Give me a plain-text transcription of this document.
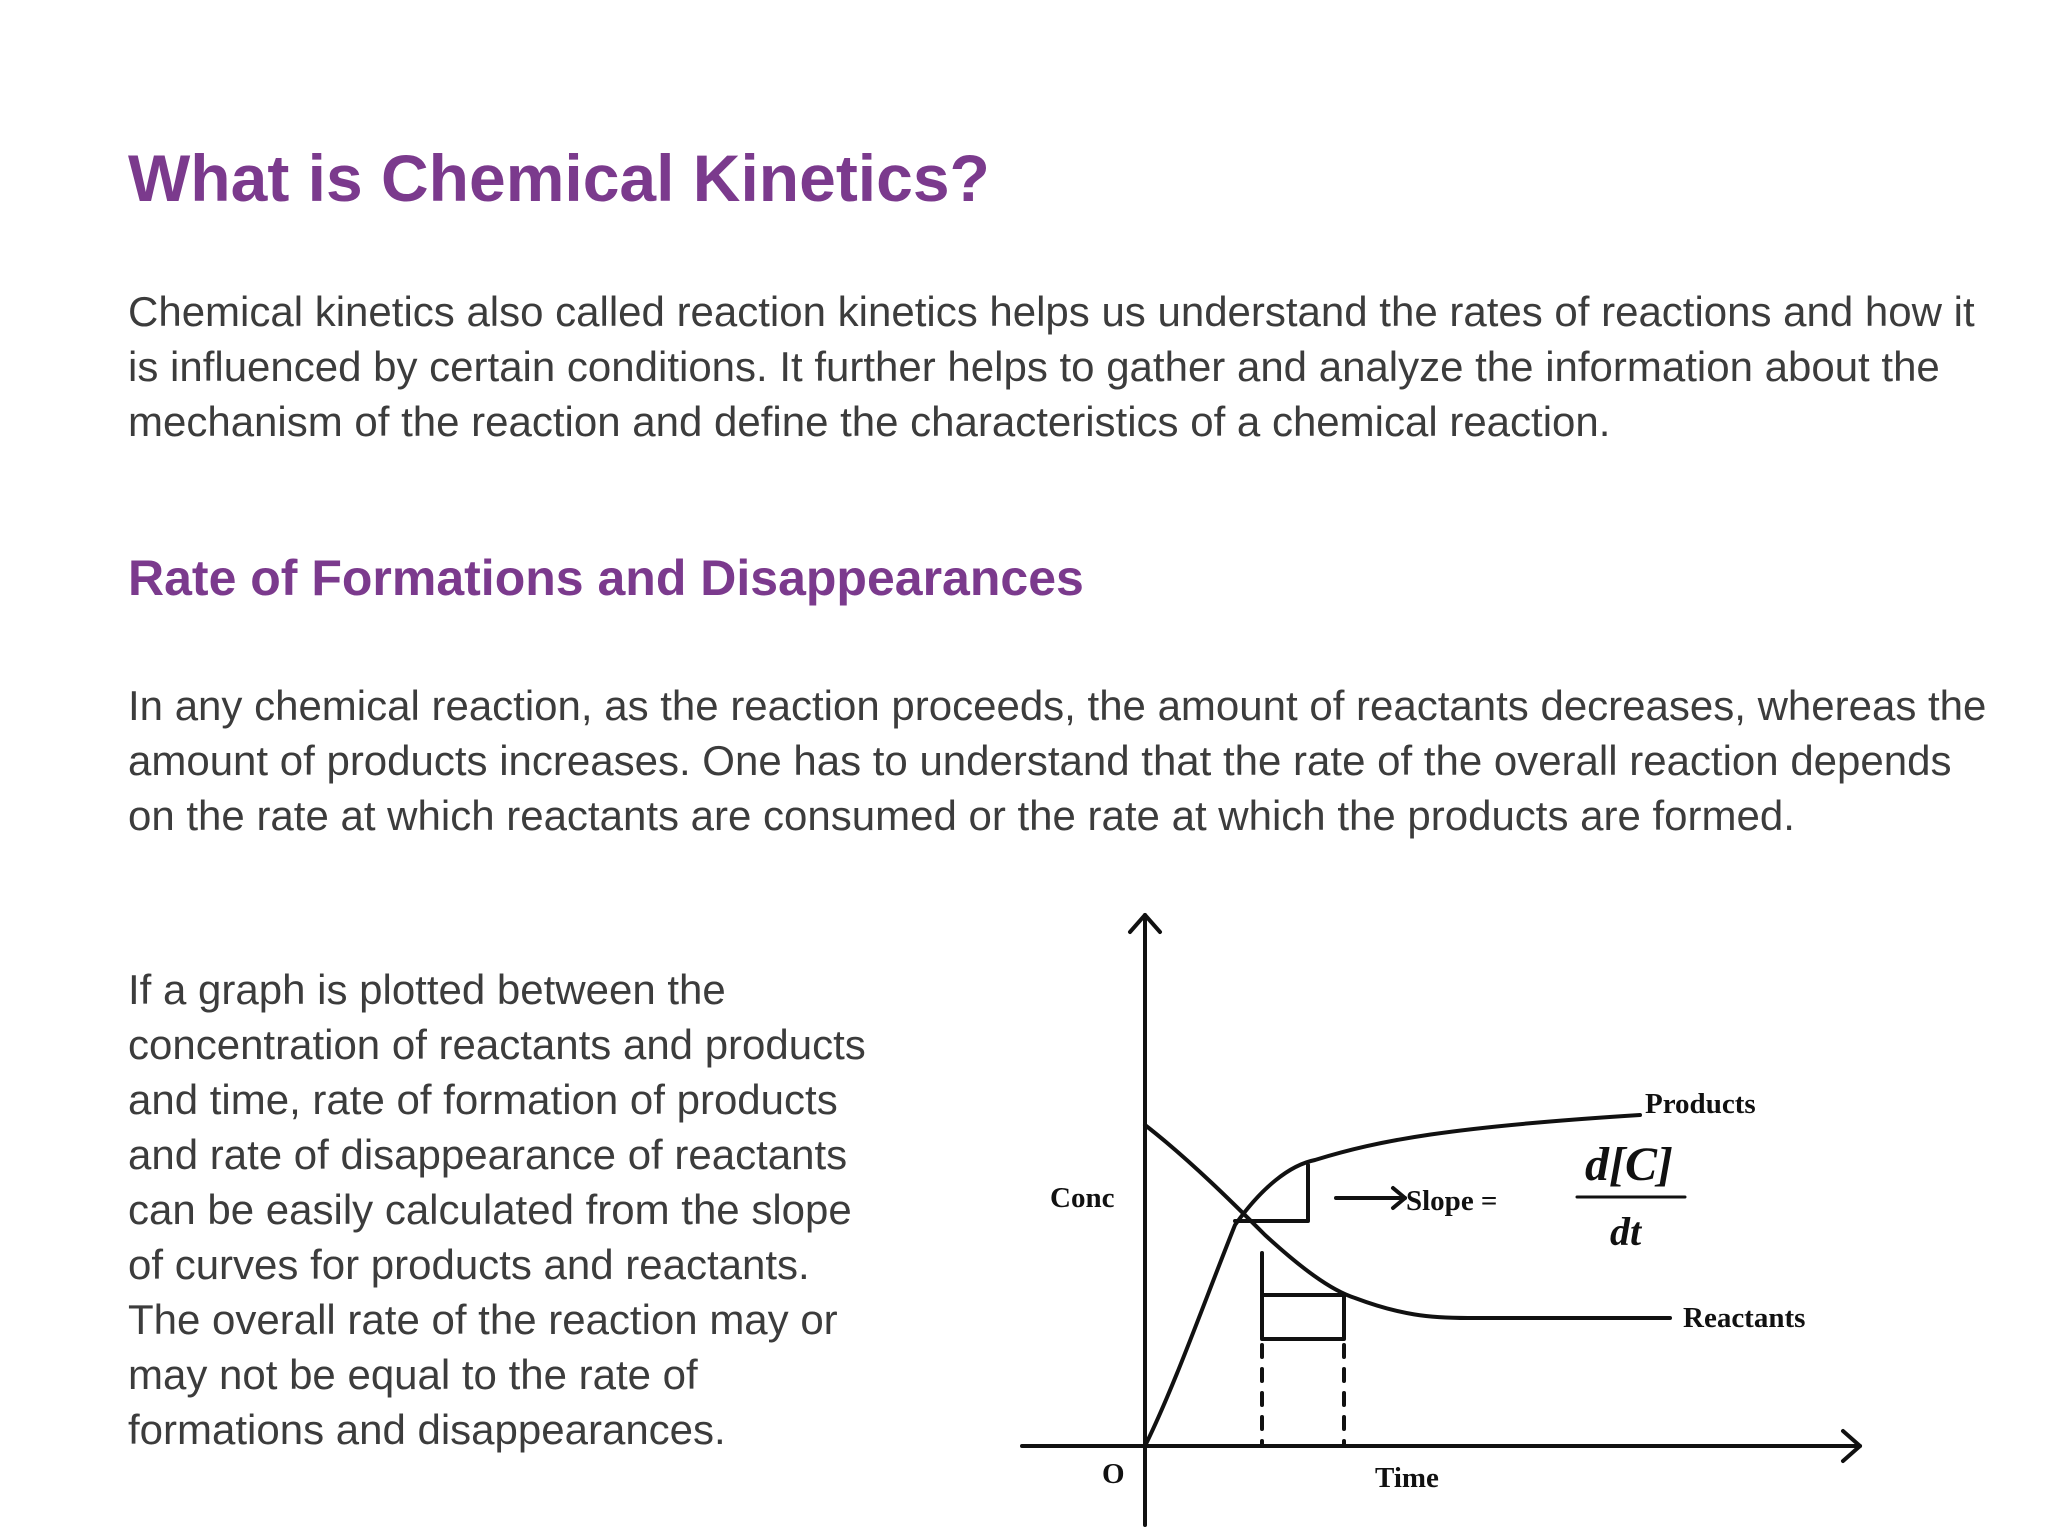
What is Chemical Kinetics?

Chemical kinetics also called reaction kinetics helps us understand the rates of reactions and how it is influenced by certain conditions. It further helps to gather and analyze the information about the mechanism of the reaction and define the characteristics of a chemical reaction.

Rate of Formations and Disappearances

In any chemical reaction, as the reaction proceeds, the amount of reactants decreases, whereas the amount of products increases. One has to understand that the rate of the overall reaction depends on the rate at which reactants are consumed or the rate at which the products are formed.

If a graph is plotted between the concentration of reactants and products and time, rate of formation of products and rate of disappearance of reactants can be easily calculated from the slope of curves for products and reactants. The overall rate of the reaction may or may not be equal to the rate of formations and disappearances.

Conc
O	Time
Products
Reactants
Slope =
d[C]
dt
